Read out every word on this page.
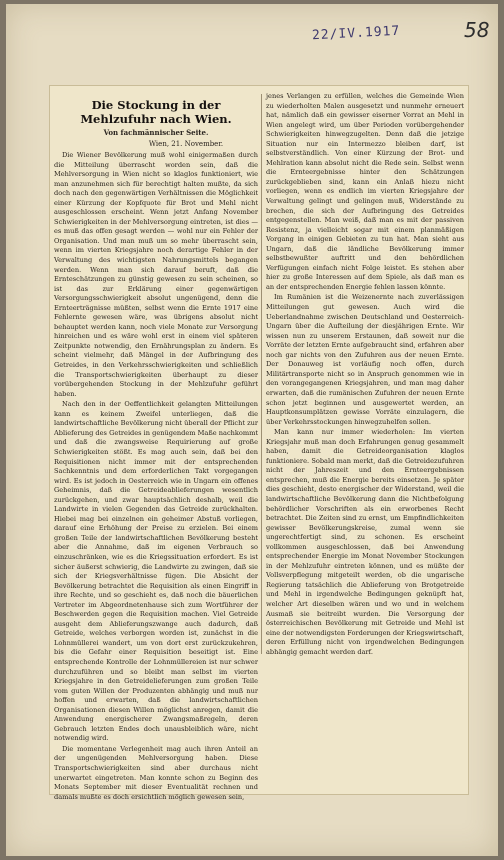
22/IV.1917	58
Die Stockung in der Mehlzufuhr nach Wien.
Von fachmännischer Seite.
Wien, 21. November.

Die Wiener Bevölkerung muß wohl einigermaßen durch die Mitteilung überrascht worden sein, daß die Mehlversorgung in Wien nicht so klaglos funktioniert, wie man anzunehmen sich für berechtigt halten mußte, da sich doch nach den gegenwärtigen Verhältnissen die Möglichkeit einer Kürzung der Kopfquote für Brot und Mehl nicht ausgeschlossen erscheint. Wenn jetzt Anfang November Schwierigkeiten in der Mehlversorgung eintreten, ist dies — es muß das offen gesagt werden — wohl nur ein Fehler der Organisation. Und man muß um so mehr überrascht sein, wenn im vierten Kriegsjahre noch derartige Fehler in der Verwaltung des wichtigsten Nahrungsmittels begangen werden. Wenn man sich darauf beruft, daß die Ernteschätzungen zu günstig gewesen zu sein scheinen, so ist das zur Erklärung einer gegenwärtigen Versorgungsschwierigkeit absolut ungenügend, denn die Ernteerträgnisse müßten, selbst wenn die Ernte 1917 eine Fehlernte gewesen wäre, was übrigens absolut nicht behauptet werden kann, noch viele Monate zur Versorgung hinreichen und es wäre wohl erst in einem viel späteren Zeitpunkte notwendig, den Ernährungsplan zu ändern. Es scheint vielmehr, daß Mängel in der Aufbringung des Getreides, in den Verkehrsschwierigkeiten und schließlich die Transportschwierigkeiten überhaupt zu dieser vorübergehenden Stockung in der Mehlzufuhr geführt haben.

Nach den in der Oeffentlichkeit gelangten Mitteilungen kann es keinem Zweifel unterliegen, daß die landwirtschaftliche Bevölkerung nicht überall der Pflicht zur Ablieferung des Getreides in genügendem Maße nachkommt und daß die zwangsweise Requirierung auf große Schwierigkeiten stößt. Es mag auch sein, daß bei den Requisitionen nicht immer mit der entsprechenden Sachkenntnis und dem erforderlichen Takt vorgegangen wird. Es ist jedoch in Oesterreich wie in Ungarn ein offenes Geheimnis, daß die Getreideablieferungen wesentlich zurückgehen, und zwar hauptsächlich deshalb, weil die Landwirte in vielen Gegenden das Getreide zurückhalten. Hiebei mag bei einzelnen ein geheimer Abstuß vorliegen, darauf eine Erhöhung der Preise zu erzielen. Bei einem großen Teile der landwirtschaftlichen Bevölkerung besteht aber die Annahme, daß im eigenen Verbrauch so einzuschränken, wie es die Kriegssituation erfordert. Es ist sicher äußerst schwierig, die Landwirte zu zwingen, daß sie sich der Kriegsverhältnisse fügen. Die Absicht der Bevölkerung betrachtet die Requisition als einen Eingriff in ihre Rechte, und so geschieht es, daß noch die bäuerlichen Vertreter im Abgeordnetenhause sich zum Wortführer der Beschwerden gegen die Requisition machen. Viel Getreide ausgeht dem Ablieferungszwange auch dadurch, daß Getreide, welches verborgen worden ist, zunächst in die Lohnmüllerei wandert, um von dort erst zurückzukehren, bis die Gefahr einer Requisition beseitigt ist. Eine entsprechende Kontrolle der Lohnmüllereien ist nur schwer durchzuführen und so bleibt man selbst im vierten Kriegsjahre in den Getreidelieferungen zum großen Teile vom guten Willen der Produzenten abhängig und muß nur hoffen und erwarten, daß die landwirtschaftlichen Organisationen diesen Willen möglichst anregen, damit die Anwendung energischerer Zwangsmaßregeln, deren Gebrauch letzten Endes doch unausbleiblich wäre, nicht notwendig wird.

Die momentane Verlegenheit mag auch ihren Anteil an der ungenügenden Mehlversorgung haben. Diese Transportschwierigkeiten sind aber durchaus nicht unerwartet eingetreten. Man konnte schon zu Beginn des Monats September mit dieser Eventualität rechnen und damals mußte es doch ersichtlich möglich gewesen sein,

jenes Verlangen zu erfüllen, welches die Gemeinde Wien zu wiederholten Malen ausgesetzt und nunmehr erneuert hat, nämlich daß ein gewisser eiserner Vorrat an Mehl in Wien angelegt wird, um über Perioden vorübergehender Schwierigkeiten hinwegzugelten. Denn daß die jetzige Situation nur ein Intermezzo bleiben darf, ist selbstverständlich. Von einer Kürzung der Brot- und Mehlration kann absolut nicht die Rede sein. Selbst wenn die Ernteergebnisse hinter den Schätzungen zurückgeblieben sind, kann ein Anlaß hiezu nicht vorliegen, wenn es endlich im vierten Kriegsjahre der Verwaltung gelingt und gelingen muß, Widerstände zu brechen, die sich der Aufbringung des Getreides entgegenstellen. Man weiß, daß man es mit der passiven Resistenz, ja vielleicht sogar mit einem planmäßigen Vorgang in einigen Gebieten zu tun hat. Man sieht aus Ungarn, daß die ländliche Bevölkerung immer selbstbewußter auftritt und den behördlichen Verfügungen einfach nicht Folge leistet. Es stehen aber hier zu große Interessen auf dem Spiele, als daß man es an der entsprechenden Energie fehlen lassen könnte.

Im Rumänien ist die Weizenernte nach zuverlässigen Mitteilungen gut gewesen. Auch wird die Ueberlandnahme zwischen Deutschland und Oesterreich-Ungarn über die Aufteilung der diesjährigen Ernte. Wir wissen nun zu unserem Erstaunen, daß soweit nur die Vorräte der letzten Ernte aufgebraucht sind, erfahren aber noch gar nichts von den Zufuhren aus der neuen Ernte. Der Donauweg ist vorläufig noch offen, durch Militärtransporte nicht so in Anspruch genommen wie in den vorangegangenen Kriegsjahren, und man mag daher erwarten, daß die rumänischen Zufuhren der neuen Ernte schon jetzt beginnen und ausgewertet werden, an Hauptkonsumplätzen gewisse Vorräte einzulagern, die über Verkehrsstockungen hinwegzuhelfen sollen.

Man kann nur immer wiederholen: Im vierten Kriegsjahr muß man doch Erfahrungen genug gesammelt haben, damit die Getreideorganisation klaglos funktioniere. Sobald man merkt, daß die Getreidezufuhren nicht der Jahreszeit und den Ernteergebnissen entsprechen, muß die Energie bereits einsetzen. Je später dies geschieht, desto energischer der Widerstand, weil die landwirtschaftliche Bevölkerung dann die Nichtbefolgung behördlicher Vorschriften als ein erworbenes Recht betrachtet. Die Zeiten sind zu ernst, um Empfindlichkeiten gewisser Bevölkerungskreise, zumal wenn sie ungerechtfertigt sind, zu schonen. Es erscheint vollkommen ausgeschlossen, daß bei Anwendung entsprechender Energie im Monat November Stockungen in der Mehlzufuhr eintreten können, und es müßte der Vollsverpflegung mitgeteilt werden, ob die ungarische Regierung tatsächlich die Ablieferung von Brotgetreide und Mehl in irgendwelche Bedingungen geknüpft hat, welcher Art dieselben wären und wo und in welchem Ausmaß sie beitreibt wurden. Die Versorgung der österreichischen Bevölkerung mit Getreide und Mehl ist eine der notwendigsten Forderungen der Kriegswirtschaft, deren Erfüllung nicht von irgendwelchen Bedingungen abhängig gemacht werden darf.
